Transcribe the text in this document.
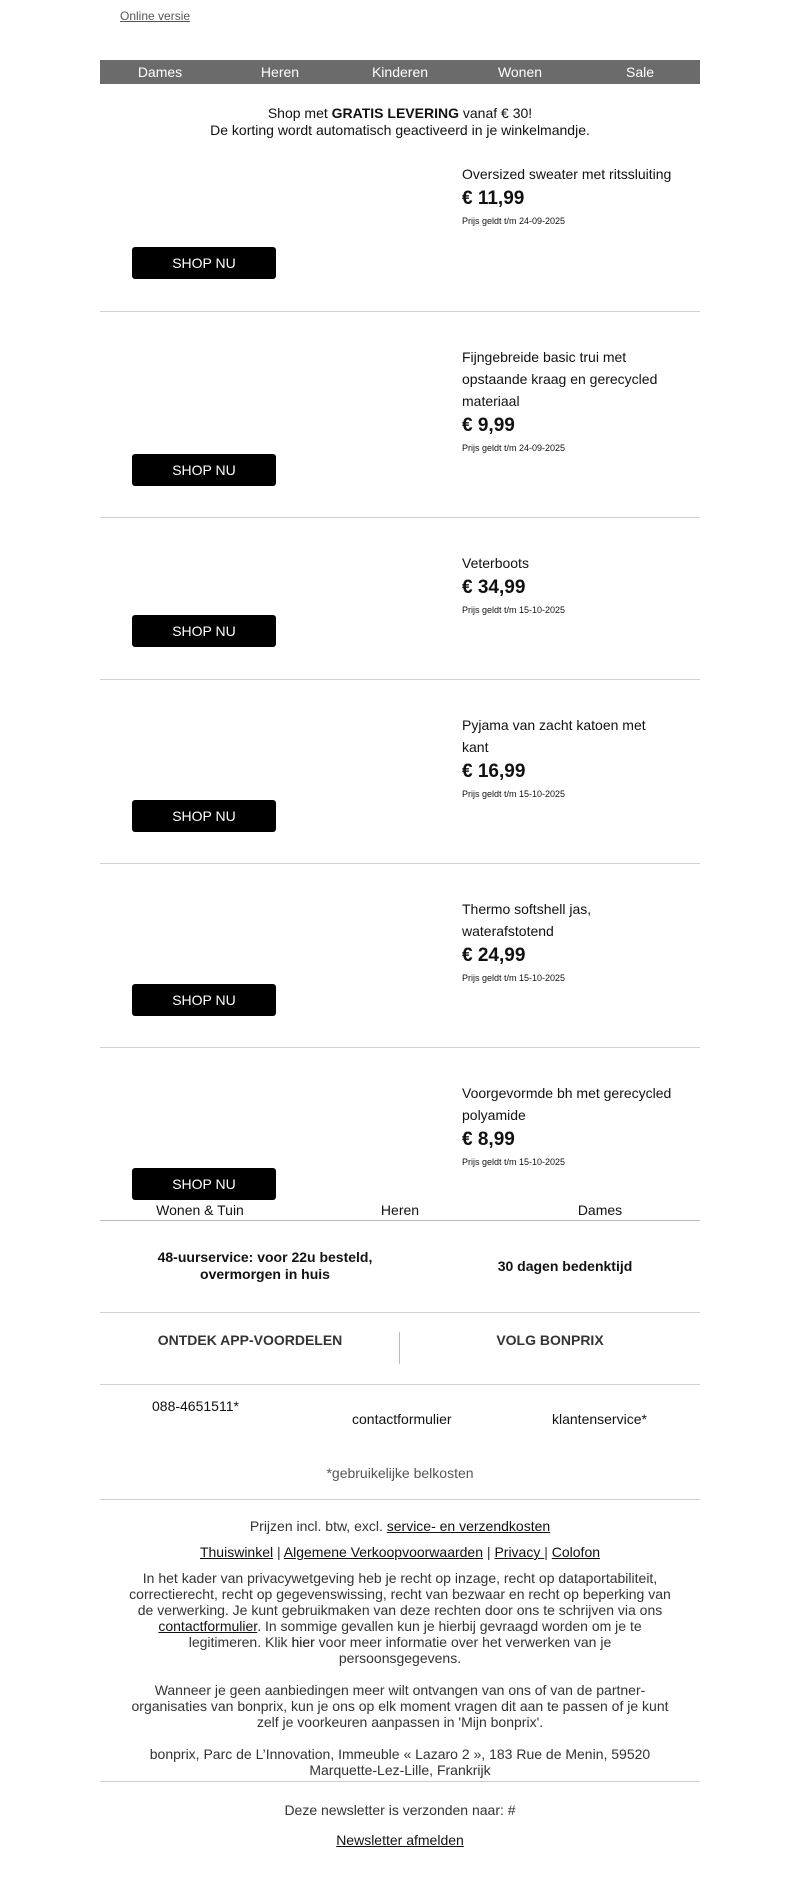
Online versie
Dames	Heren	Kinderen	Wonen	Sale
Shop met GRATIS LEVERING vanaf € 30!
De korting wordt automatisch geactiveerd in je winkelmandje.
Oversized sweater met ritssluiting
€ 11,99
Prijs geldt t/m 24-09-2025
SHOP NU
Fijngebreide basic trui met opstaande kraag en gerecycled materiaal
€ 9,99
Prijs geldt t/m 24-09-2025
SHOP NU
Veterboots
€ 34,99
Prijs geldt t/m 15-10-2025
SHOP NU
Pyjama van zacht katoen met kant
€ 16,99
Prijs geldt t/m 15-10-2025
SHOP NU
Thermo softshell jas, waterafstotend
€ 24,99
Prijs geldt t/m 15-10-2025
SHOP NU
Voorgevormde bh met gerecycled polyamide
€ 8,99
Prijs geldt t/m 15-10-2025
SHOP NU
Wonen & Tuin	Heren	Dames
48-uurservice: voor 22u besteld, overmorgen in huis
30 dagen bedenktijd
ONTDEK APP-VOORDELEN	VOLG BONPRIX
088-4651511*
contactformulier	klantenservice*
*gebruikelijke belkosten

Prijzen incl. btw, excl. service- en verzendkosten

Thuiswinkel | Algemene Verkoopvoorwaarden | Privacy | Colofon

In het kader van privacywetgeving heb je recht op inzage, recht op dataportabiliteit, correctierecht, recht op gegevenswissing, recht van bezwaar en recht op beperking van de verwerking. Je kunt gebruikmaken van deze rechten door ons te schrijven via ons contactformulier. In sommige gevallen kun je hierbij gevraagd worden om je te legitimeren. Klik hier voor meer informatie over het verwerken van je persoonsgegevens.

Wanneer je geen aanbiedingen meer wilt ontvangen van ons of van de partner-organisaties van bonprix, kun je ons op elk moment vragen dit aan te passen of je kunt zelf je voorkeuren aanpassen in 'Mijn bonprix'.

bonprix, Parc de L’Innovation, Immeuble « Lazaro 2 », 183 Rue de Menin, 59520 Marquette-Lez-Lille, Frankrijk

Deze newsletter is verzonden naar: #

Newsletter afmelden
